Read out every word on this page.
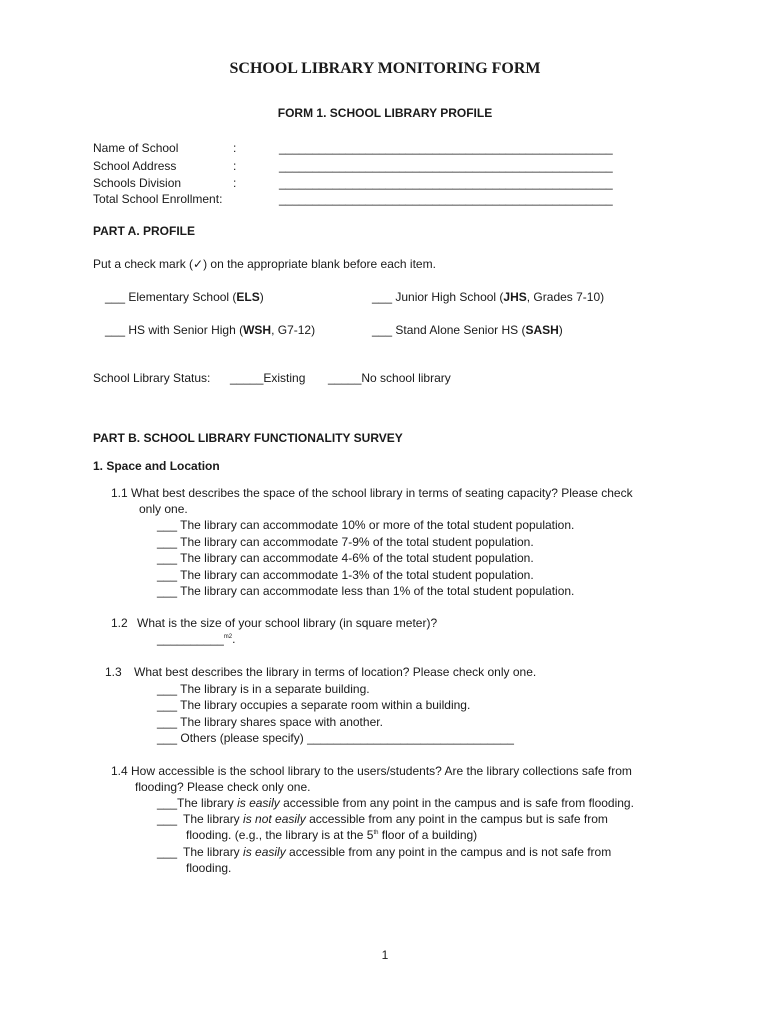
SCHOOL LIBRARY MONITORING FORM
FORM 1. SCHOOL LIBRARY PROFILE
Name of School	:	__________________________________________________
School Address	:	__________________________________________________
Schools Division	:	__________________________________________________
Total School Enrollment:	__________________________________________________
PART A. PROFILE
Put a check mark (✓) on the appropriate blank before each item.
___ Elementary School (ELS)	___ Junior High School (JHS, Grades 7-10)
___ HS with Senior High (WSH, G7-12)	___ Stand Alone Senior HS (SASH)
School Library Status: _____Existing _____No school library
PART B. SCHOOL LIBRARY FUNCTIONALITY SURVEY
1. Space and Location
1.1 What best describes the space of the school library in terms of seating capacity? Please check
only one.
___ The library can accommodate 10% or more of the total student population.
___ The library can accommodate 7-9% of the total student population.
___ The library can accommodate 4-6% of the total student population.
___ The library can accommodate 1-3% of the total student population.
___ The library can accommodate less than 1% of the total student population.
1.2 What is the size of your school library (in square meter)?
__________$^{m2}$.
1.3 What best describes the library in terms of location? Please check only one.
___ The library is in a separate building.
___ The library occupies a separate room within a building.
___ The library shares space with another.
___ Others (please specify) _______________________________
1.4 How accessible is the school library to the users/students? Are the library collections safe from
flooding? Please check only one.
___The library is easily accessible from any point in the campus and is safe from flooding.
___ The library is not easily accessible from any point in the campus but is safe from
flooding. (e.g., the library is at the 5th floor of a building)
___ The library is easily accessible from any point in the campus and is not safe from
flooding.
1
